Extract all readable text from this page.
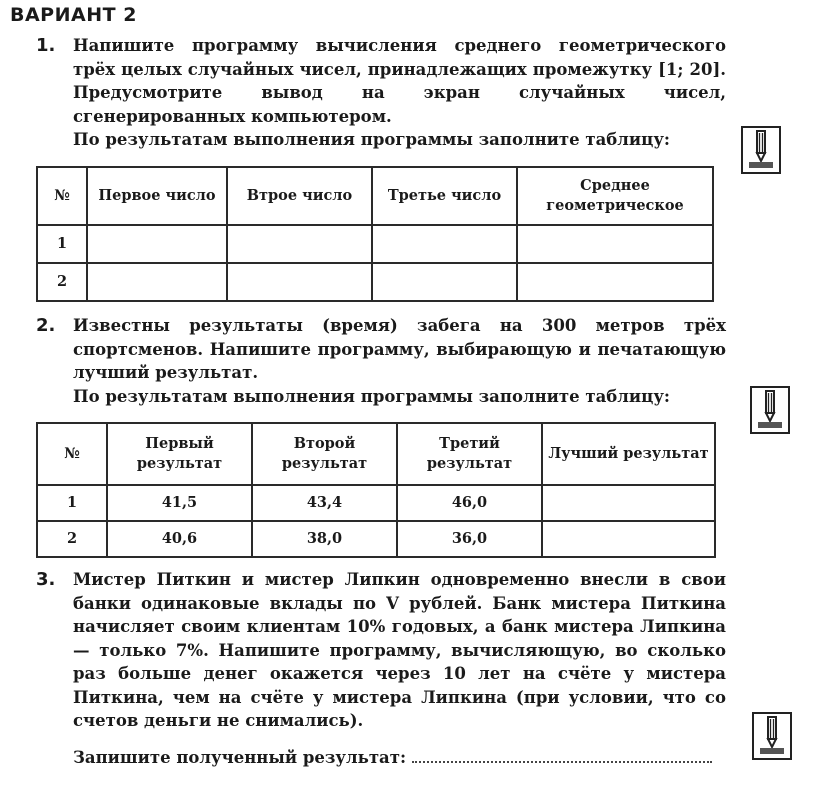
ВАРИАНТ 2
1.	Напишите программу вычисления среднего геометрического трёх целых случайных чисел, принадлежащих промежутку [1; 20]. Предусмотрите вывод на экран случайных чисел, сгенерированных компьютером.

По результатам выполнения программы заполните таблицу:
№	Первое число	Втрое число	Третье число	Среднее геометрическое
1				
2				
2.	Известны результаты (время) забега на 300 метров трёх спортсменов. Напишите программу, выбирающую и печатающую лучший результат.

По результатам выполнения программы заполните таблицу:
№	Первый результат	Второй результат	Третий результат	Лучший результат
1	41,5	43,4	46,0	
2	40,6	38,0	36,0	
3.	Мистер Питкин и мистер Липкин одновременно внесли в свои банки одинаковые вклады по V рублей. Банк мистера Питкина начисляет своим клиентам 10% годовых, а банк мистера Липкина — только 7%. Напишите программу, вычисляющую, во сколько раз больше денег окажется через 10 лет на счёте у мистера Питкина, чем на счёте у мистера Липкина (при условии, что со счетов деньги не снимались).

Запишите полученный результат:
